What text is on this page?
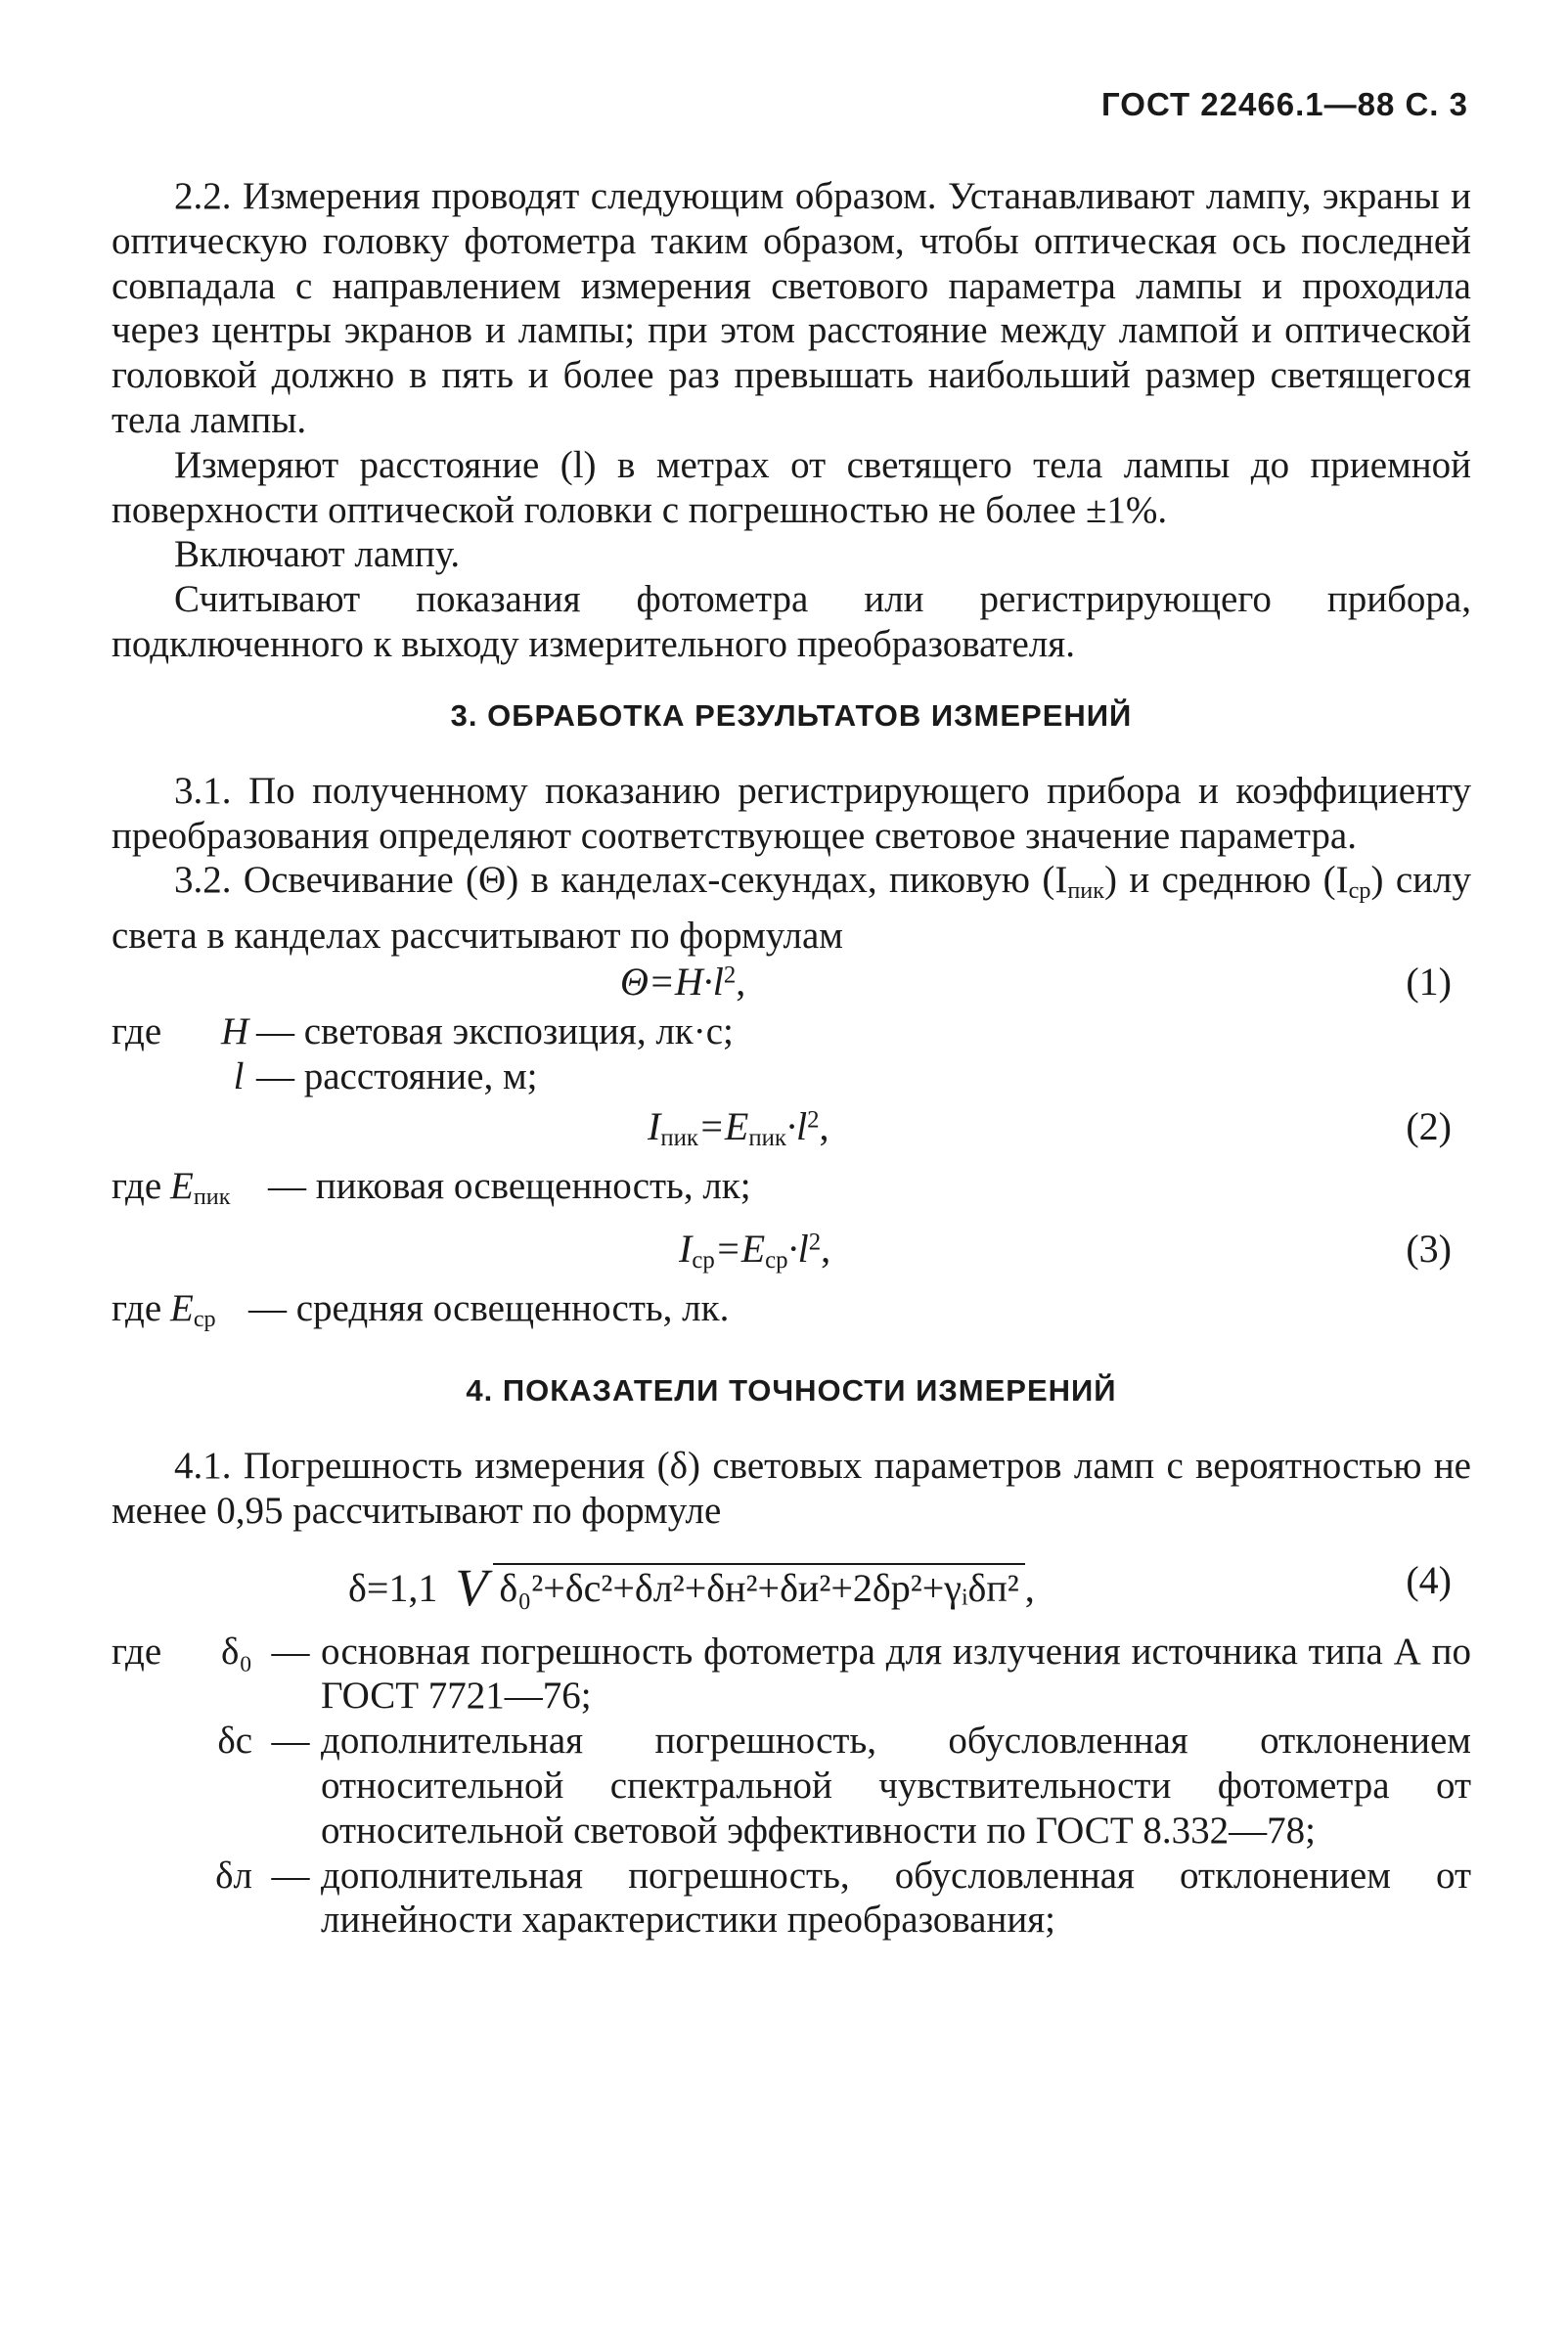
ГОСТ 22466.1—88 С. 3

2.2. Измерения проводят следующим образом. Устанавливают лампу, экраны и оптическую головку фотометра таким образом, чтобы оптическая ось последней совпадала с направлением измерения светового параметра лампы и проходила через центры экранов и лампы; при этом расстояние между лампой и оптической головкой должно в пять и более раз превышать наибольший размер светящегося тела лампы.

Измеряют расстояние (l) в метрах от светящего тела лампы до приемной поверхности оптической головки с погрешностью не более ±1%.

Включают лампу.

Считывают показания фотометра или регистрирующего прибора, подключенного к выходу измерительного преобразователя.

3. ОБРАБОТКА РЕЗУЛЬТАТОВ ИЗМЕРЕНИЙ

3.1. По полученному показанию регистрирующего прибора и коэффициенту преобразования определяют соответствующее световое значение параметра.

3.2. Освечивание (Θ) в канделах-секундах, пиковую $(I_{пик})$ и среднюю $(I_{ср})$ силу света в канделах рассчитывают по формулам

$\Theta=H\cdot l^2$,	(1)
где	H — световая экспозиция, лк·с;
l — расстояние, м;
$I_{пик}=E_{пик}\cdot l^2$,	(2)
где $E_{пик}$ — пиковая освещенность, лк;
$I_{ср}=E_{ср}\cdot l^2$,	(3)
где $E_{ср}$ — средняя освещенность, лк.
4. ПОКАЗАТЕЛИ ТОЧНОСТИ ИЗМЕРЕНИЙ

4.1. Погрешность измерения (δ) световых параметров ламп с вероятностью не менее 0,95 рассчитывают по формуле

δ=1,1 V δ₀²+δс²+δл²+δн²+δи²+2δр²+γᵢδп² ,	(4)
где	δ₀ — основная погрешность фотометра для излучения источника типа А по ГОСТ 7721—76;
δс — дополнительная погрешность, обусловленная отклонением относительной спектральной чувствительности фотометра от относительной световой эффективности по ГОСТ 8.332—78;
δл — дополнительная погрешность, обусловленная отклонением от линейности характеристики преобразования;
